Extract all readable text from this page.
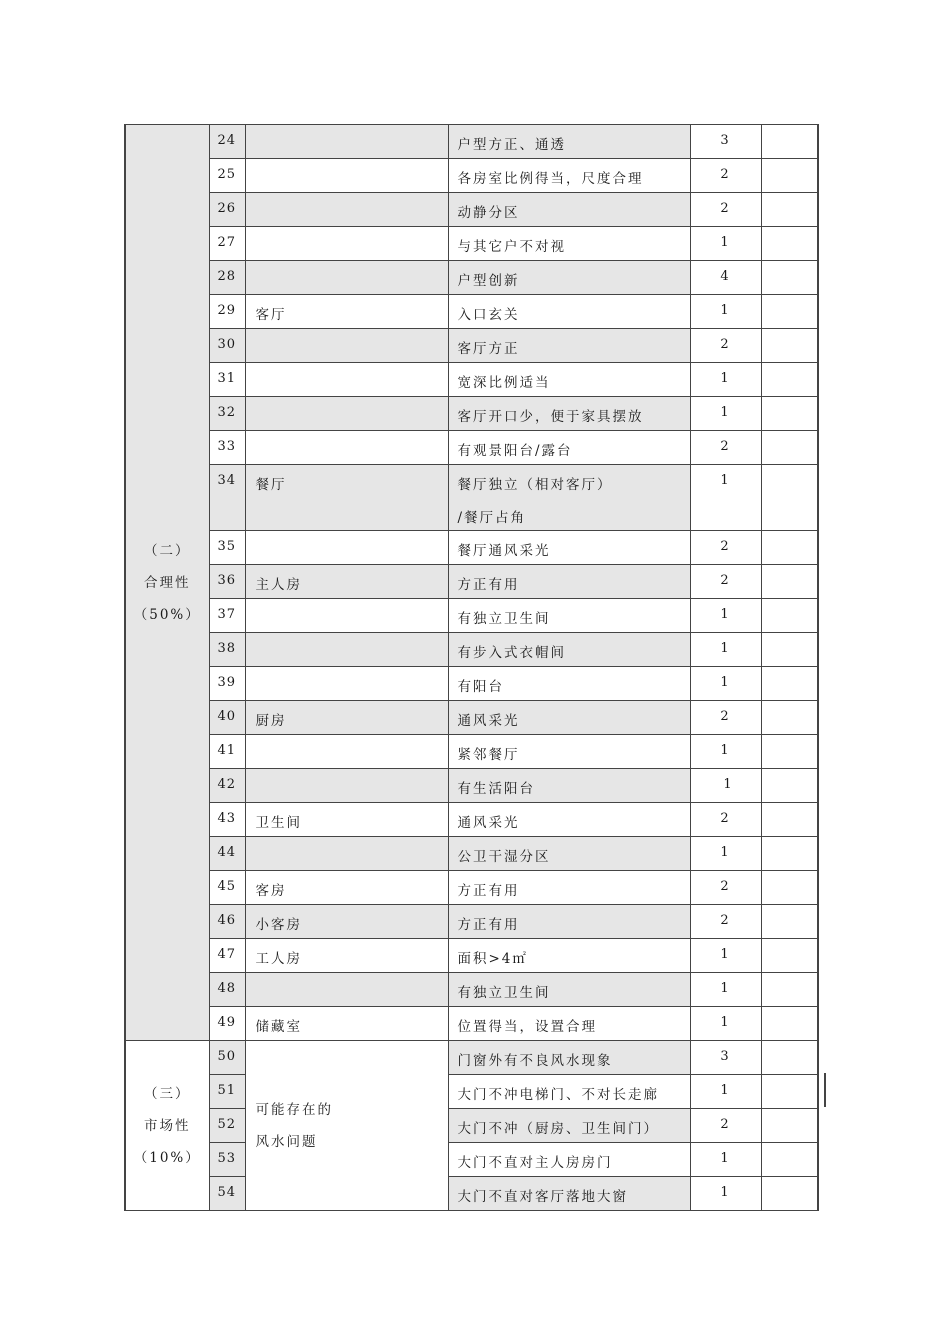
（二）
合理性
（50%）	24		户型方正、通透	3	
	25		各房室比例得当，尺度合理	2	
	26		动静分区	2	
	27		与其它户不对视	1	
	28		户型创新	4	
	29	客厅	入口玄关	1	
	30		客厅方正	2	
	31		宽深比例适当	1	
	32		客厅开口少，便于家具摆放	1	
	33		有观景阳台/露台	2	
	34	餐厅	餐厅独立（相对客厅）
/餐厅占角	1	
	35		餐厅通风采光	2	
	36	主人房	方正有用	2	
	37		有独立卫生间	1	
	38		有步入式衣帽间	1	
	39		有阳台	1	
	40	厨房	通风采光	2	
	41		紧邻餐厅	1	
	42		有生活阳台	1	
	43	卫生间	通风采光	2	
	44		公卫干湿分区	1	
	45	客房	方正有用	2	
	46	小客房	方正有用	2	
	47	工人房	面积>4㎡	1	
	48		有独立卫生间	1	
	49	储藏室	位置得当，设置合理	1	

（三）
市场性
（10%）	50	可能存在的
风水问题	门窗外有不良风水现象	3	
	51		大门不冲电梯门、不对长走廊	1	
	52		大门不冲（厨房、卫生间门）	2	
	53		大门不直对主人房房门	1	
	54		大门不直对客厅落地大窗	1	
